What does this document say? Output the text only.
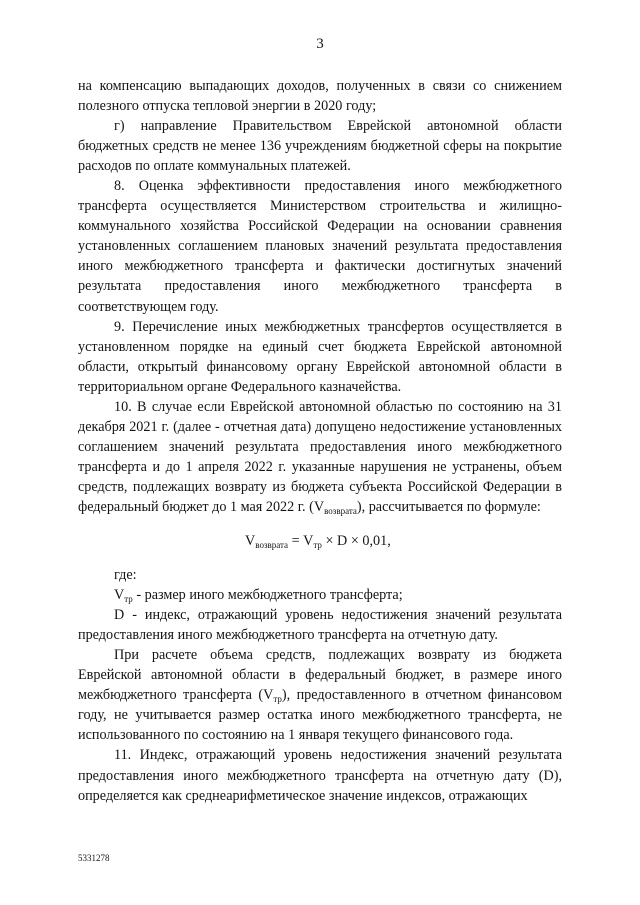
3

на компенсацию выпадающих доходов, полученных в связи со снижением полезного отпуска тепловой энергии в 2020 году;

г) направление Правительством Еврейской автономной области бюджетных средств не менее 136 учреждениям бюджетной сферы на покрытие расходов по оплате коммунальных платежей.

8. Оценка эффективности предоставления иного межбюджетного трансферта осуществляется Министерством строительства и жилищно-коммунального хозяйства Российской Федерации на основании сравнения установленных соглашением плановых значений результата предоставления иного межбюджетного трансферта и фактически достигнутых значений результата предоставления иного межбюджетного трансферта в соответствующем году.

9. Перечисление иных межбюджетных трансфертов осуществляется в установленном порядке на единый счет бюджета Еврейской автономной области, открытый финансовому органу Еврейской автономной области в территориальном органе Федерального казначейства.

10. В случае если Еврейской автономной областью по состоянию на 31 декабря 2021 г. (далее - отчетная дата) допущено недостижение установленных соглашением значений результата предоставления иного межбюджетного трансферта и до 1 апреля 2022 г. указанные нарушения не устранены, объем средств, подлежащих возврату из бюджета субъекта Российской Федерации в федеральный бюджет до 1 мая 2022 г. $(V_{возврата})$, рассчитывается по формуле:

$V_{возврата} = V_{тр} \times D \times 0,01$,

где:

$V_{тр}$ - размер иного межбюджетного трансферта;

D - индекс, отражающий уровень недостижения значений результата предоставления иного межбюджетного трансферта на отчетную дату.

При расчете объема средств, подлежащих возврату из бюджета Еврейской автономной области в федеральный бюджет, в размере иного межбюджетного трансферта $(V_{тр})$, предоставленного в отчетном финансовом году, не учитывается размер остатка иного межбюджетного трансферта, не использованного по состоянию на 1 января текущего финансового года.

11. Индекс, отражающий уровень недостижения значений результата предоставления иного межбюджетного трансферта на отчетную дату (D), определяется как среднеарифметическое значение индексов, отражающих

5331278
